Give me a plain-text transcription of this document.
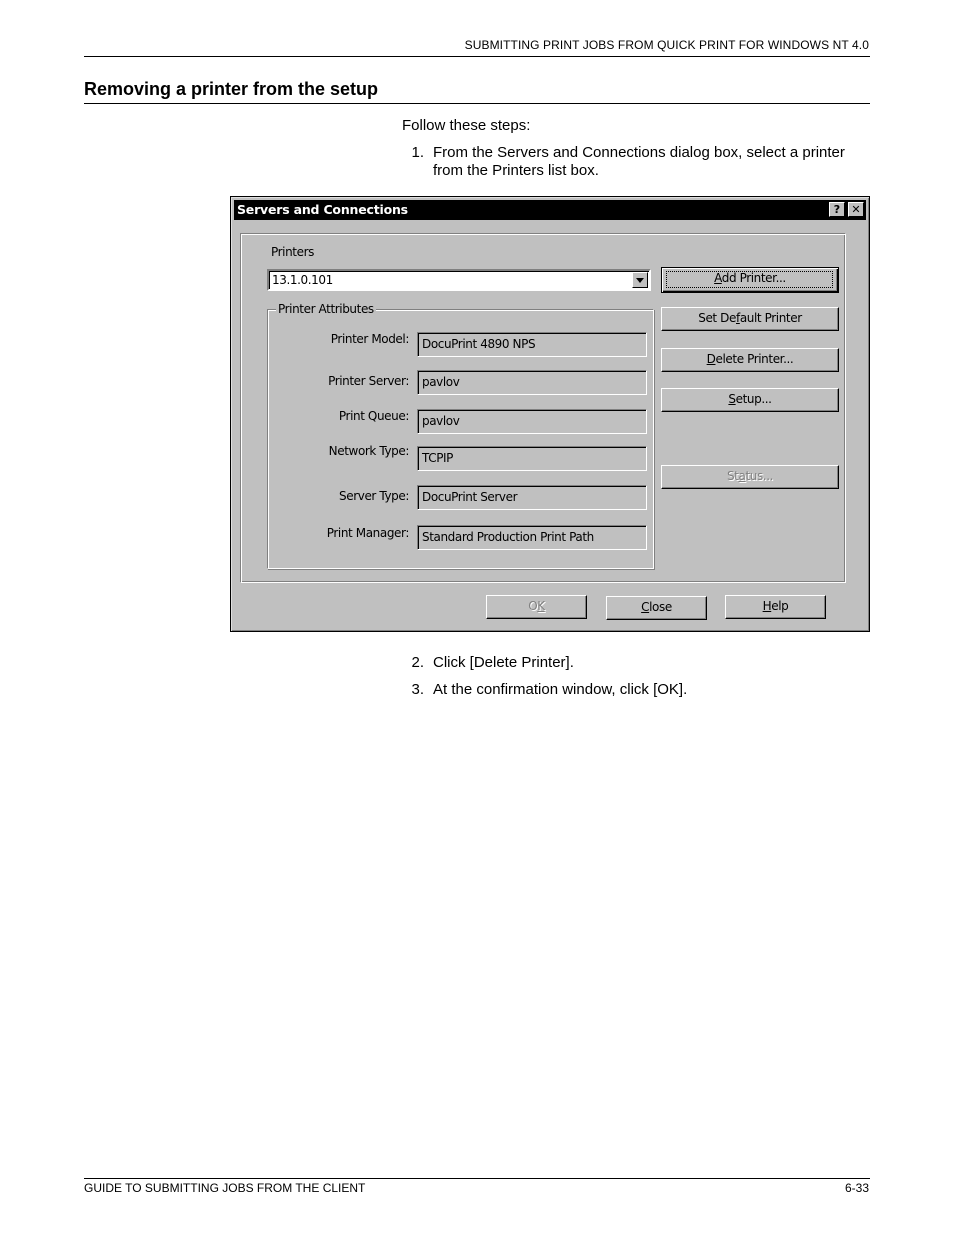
SUBMITTING PRINT JOBS FROM QUICK PRINT FOR WINDOWS NT 4.0
Removing a printer from the setup
Follow these steps:
1. From the Servers and Connections dialog box, select a printer
from the Printers list box.
Servers and Connections	?	✕
Printers
13.1.0.101
Printer Attributes
Printer Model: DocuPrint 4890 NPS
Printer Server: pavlov
Print Queue: pavlov
Network Type: TCPIP
Server Type: DocuPrint Server
Print Manager: Standard Production Print Path
Add Printer...
Set Default Printer
Delete Printer...
Setup...
Status...
OK	Close	Help
2. Click [Delete Printer].
3. At the confirmation window, click [OK].
GUIDE TO SUBMITTING JOBS FROM THE CLIENT	6-33
